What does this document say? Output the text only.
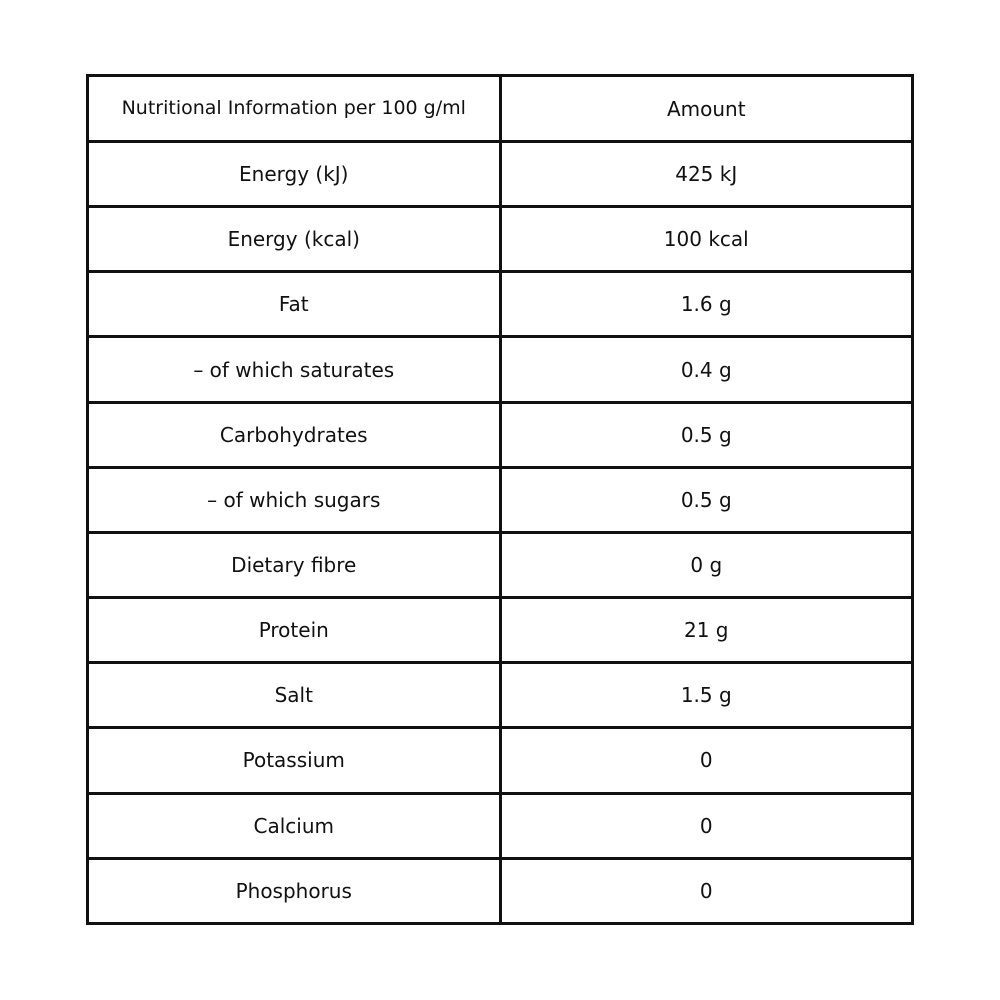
Nutritional Information per 100 g/ml	Amount
Energy (kJ)	425 kJ
Energy (kcal)	100 kcal
Fat	1.6 g
– of which saturates	0.4 g
Carbohydrates	0.5 g
– of which sugars	0.5 g
Dietary fibre	0 g
Protein	21 g
Salt	1.5 g
Potassium	0
Calcium	0
Phosphorus	0
